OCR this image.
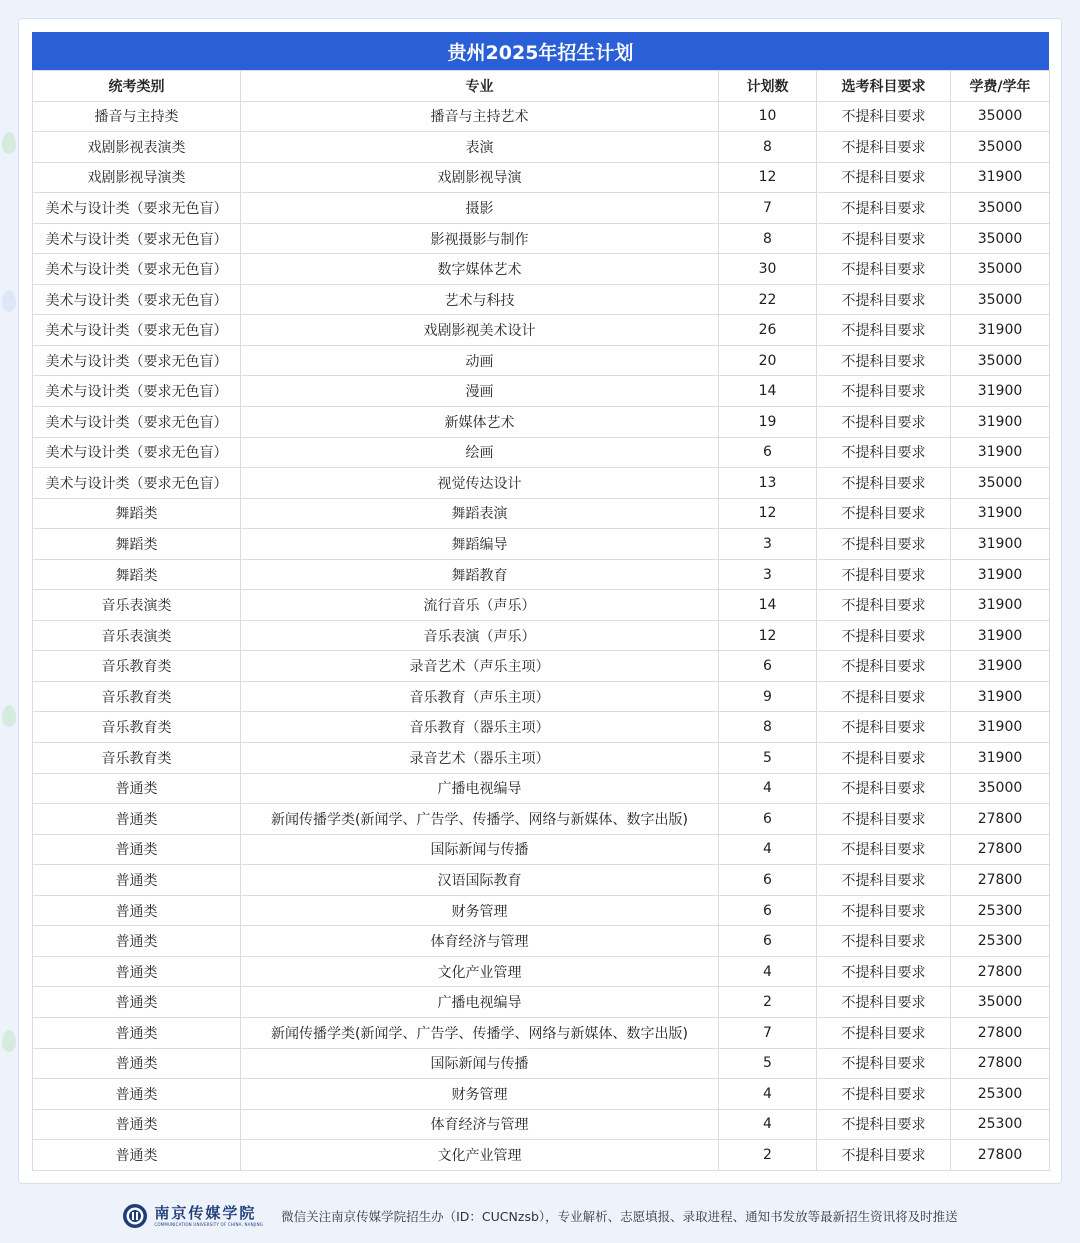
贵州2025年招生计划
统考类别	专业	计划数	选考科目要求	学费/学年
播音与主持类	播音与主持艺术	10	不提科目要求	35000
戏剧影视表演类	表演	8	不提科目要求	35000
戏剧影视导演类	戏剧影视导演	12	不提科目要求	31900
美术与设计类（要求无色盲）	摄影	7	不提科目要求	35000
美术与设计类（要求无色盲）	影视摄影与制作	8	不提科目要求	35000
美术与设计类（要求无色盲）	数字媒体艺术	30	不提科目要求	35000
美术与设计类（要求无色盲）	艺术与科技	22	不提科目要求	35000
美术与设计类（要求无色盲）	戏剧影视美术设计	26	不提科目要求	31900
美术与设计类（要求无色盲）	动画	20	不提科目要求	35000
美术与设计类（要求无色盲）	漫画	14	不提科目要求	31900
美术与设计类（要求无色盲）	新媒体艺术	19	不提科目要求	31900
美术与设计类（要求无色盲）	绘画	6	不提科目要求	31900
美术与设计类（要求无色盲）	视觉传达设计	13	不提科目要求	35000
舞蹈类	舞蹈表演	12	不提科目要求	31900
舞蹈类	舞蹈编导	3	不提科目要求	31900
舞蹈类	舞蹈教育	3	不提科目要求	31900
音乐表演类	流行音乐（声乐）	14	不提科目要求	31900
音乐表演类	音乐表演（声乐）	12	不提科目要求	31900
音乐教育类	录音艺术（声乐主项）	6	不提科目要求	31900
音乐教育类	音乐教育（声乐主项）	9	不提科目要求	31900
音乐教育类	音乐教育（器乐主项）	8	不提科目要求	31900
音乐教育类	录音艺术（器乐主项）	5	不提科目要求	31900
普通类	广播电视编导	4	不提科目要求	35000
普通类	新闻传播学类(新闻学、广告学、传播学、网络与新媒体、数字出版)	6	不提科目要求	27800
普通类	国际新闻与传播	4	不提科目要求	27800
普通类	汉语国际教育	6	不提科目要求	27800
普通类	财务管理	6	不提科目要求	25300
普通类	体育经济与管理	6	不提科目要求	25300
普通类	文化产业管理	4	不提科目要求	27800
普通类	广播电视编导	2	不提科目要求	35000
普通类	新闻传播学类(新闻学、广告学、传播学、网络与新媒体、数字出版)	7	不提科目要求	27800
普通类	国际新闻与传播	5	不提科目要求	27800
普通类	财务管理	4	不提科目要求	25300
普通类	体育经济与管理	4	不提科目要求	25300
普通类	文化产业管理	2	不提科目要求	27800
南京传媒学院
COMMUNICATION UNIVERSITY OF CHINA, NANJING 微信关注南京传媒学院招生办（ID：CUCNzsb），专业解析、志愿填报、录取进程、通知书发放等最新招生资讯将及时推送
